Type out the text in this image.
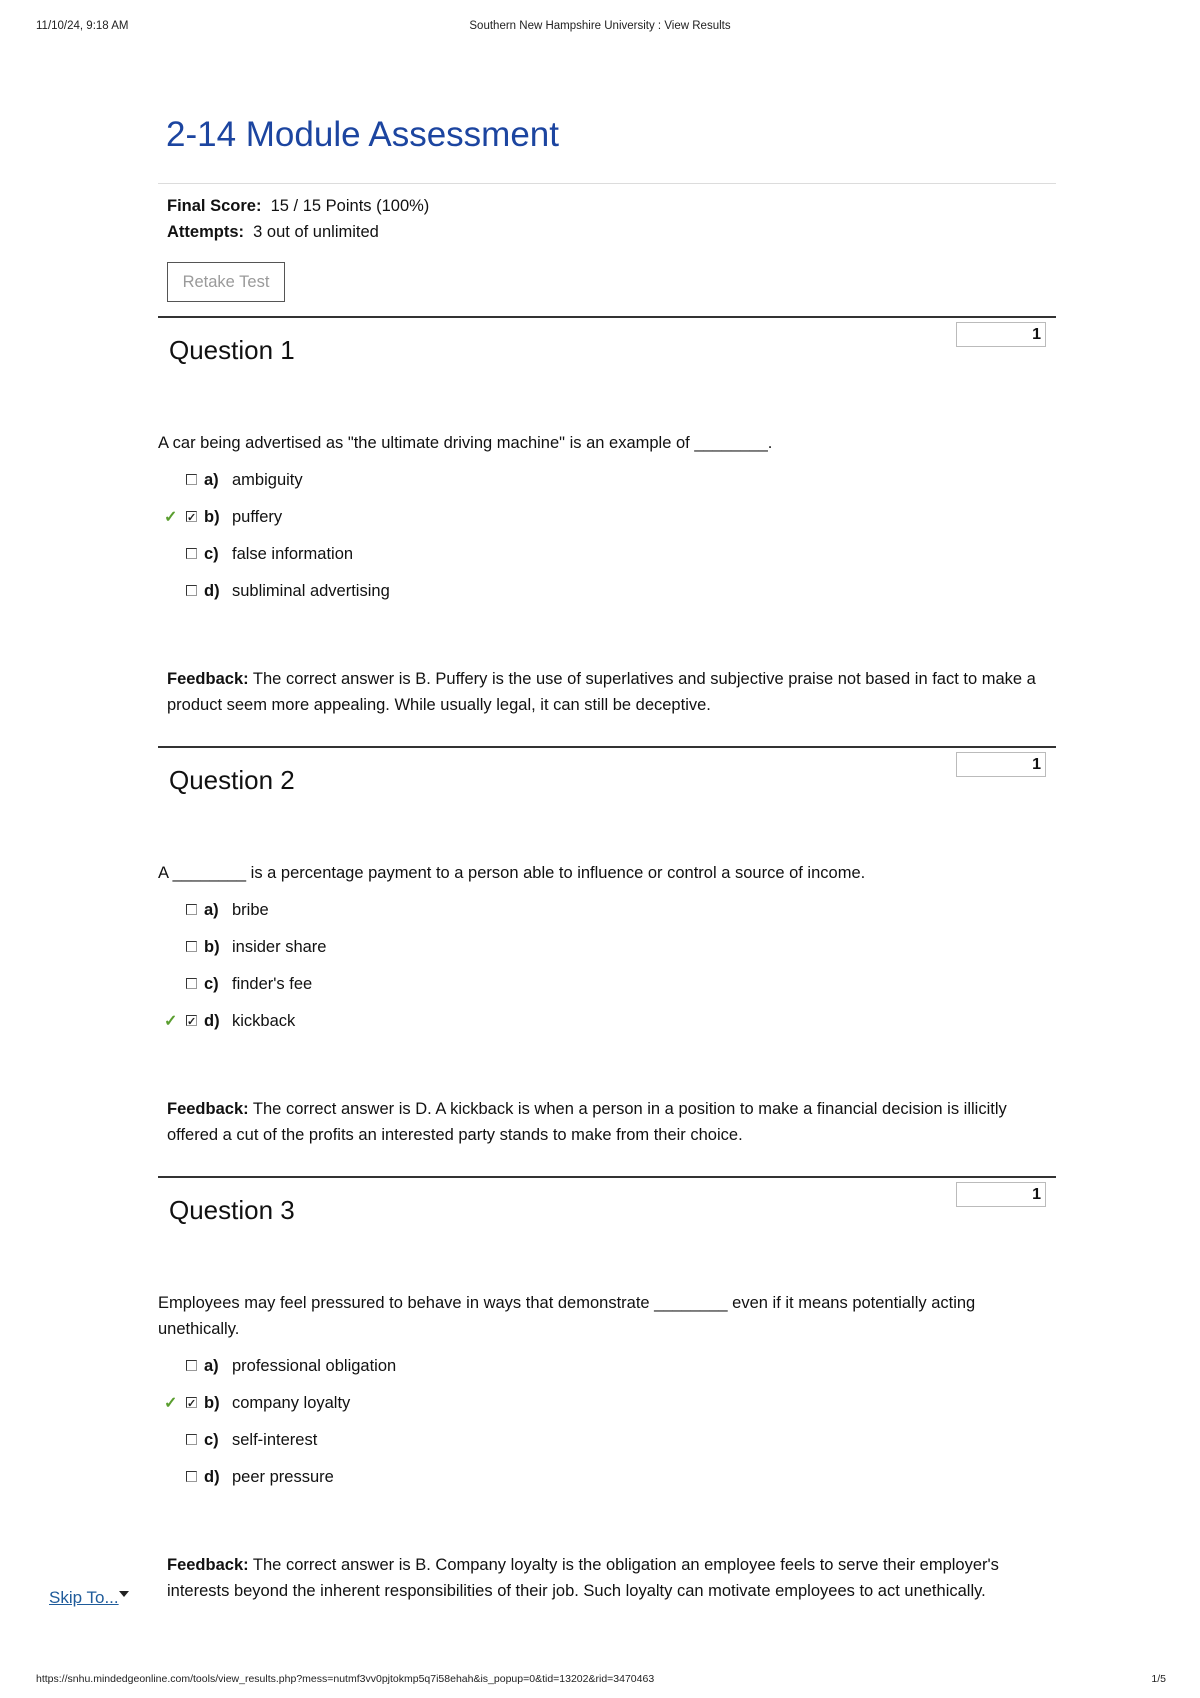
11/10/24, 9:18 AM	Southern New Hampshire University : View Results
2-14 Module Assessment
Final Score: 15 / 15 Points (100%)
Attempts: 3 out of unlimited
Retake Test
Question 1
1
A car being advertised as "the ultimate driving machine" is an example of ________.
a) ambiguity
✓ ✓ b) puffery
c) false information
d) subliminal advertising
Feedback: The correct answer is B. Puffery is the use of superlatives and subjective praise not based in fact to make a product seem more appealing. While usually legal, it can still be deceptive.
Question 2
1
A ________ is a percentage payment to a person able to influence or control a source of income.
a) bribe
b) insider share
c) finder's fee
✓ ✓ d) kickback
Feedback: The correct answer is D. A kickback is when a person in a position to make a financial decision is illicitly offered a cut of the profits an interested party stands to make from their choice.
Question 3
1
Employees may feel pressured to behave in ways that demonstrate ________ even if it means potentially acting unethically.
a) professional obligation
✓ ✓ b) company loyalty
c) self-interest
d) peer pressure
Feedback: The correct answer is B. Company loyalty is the obligation an employee feels to serve their employer's interests beyond the inherent responsibilities of their job. Such loyalty can motivate employees to act unethically.
Skip To...
https://snhu.mindedgeonline.com/tools/view_results.php?mess=nutmf3vv0pjtokmp5q7i58ehah&is_popup=0&tid=13202&rid=3470463	1/5
